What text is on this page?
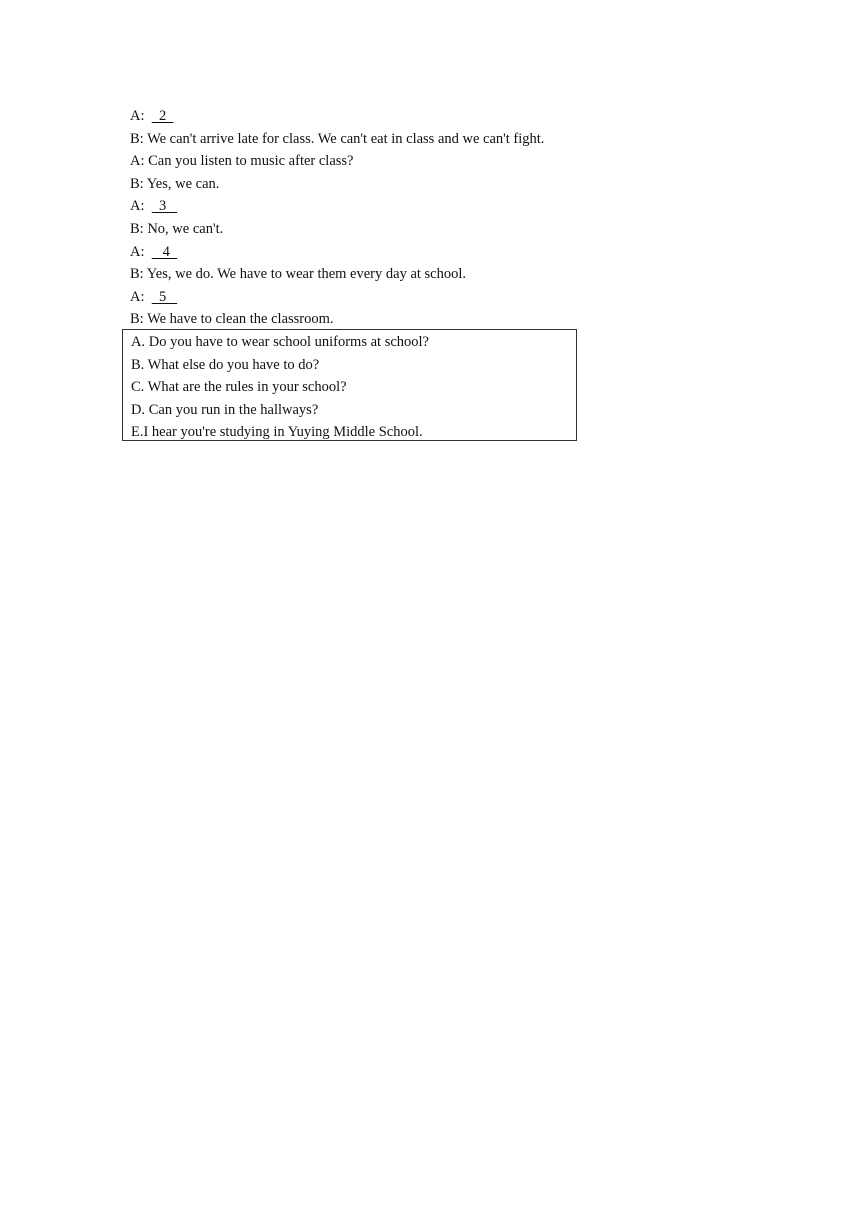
A:    2
B: We can't arrive late for class. We can't eat in class and we can't fight.
A: Can you listen to music after class?
B: Yes, we can.
A:    3
B: No, we can't.
A:     4
B: Yes, we do. We have to wear them every day at school.
A:    5
B: We have to clean the classroom.
A. Do you have to wear school uniforms at school?
B. What else do you have to do?
C. What are the rules in your school?
D. Can you run in the hallways?
E.I hear you're studying in Yuying Middle School.
